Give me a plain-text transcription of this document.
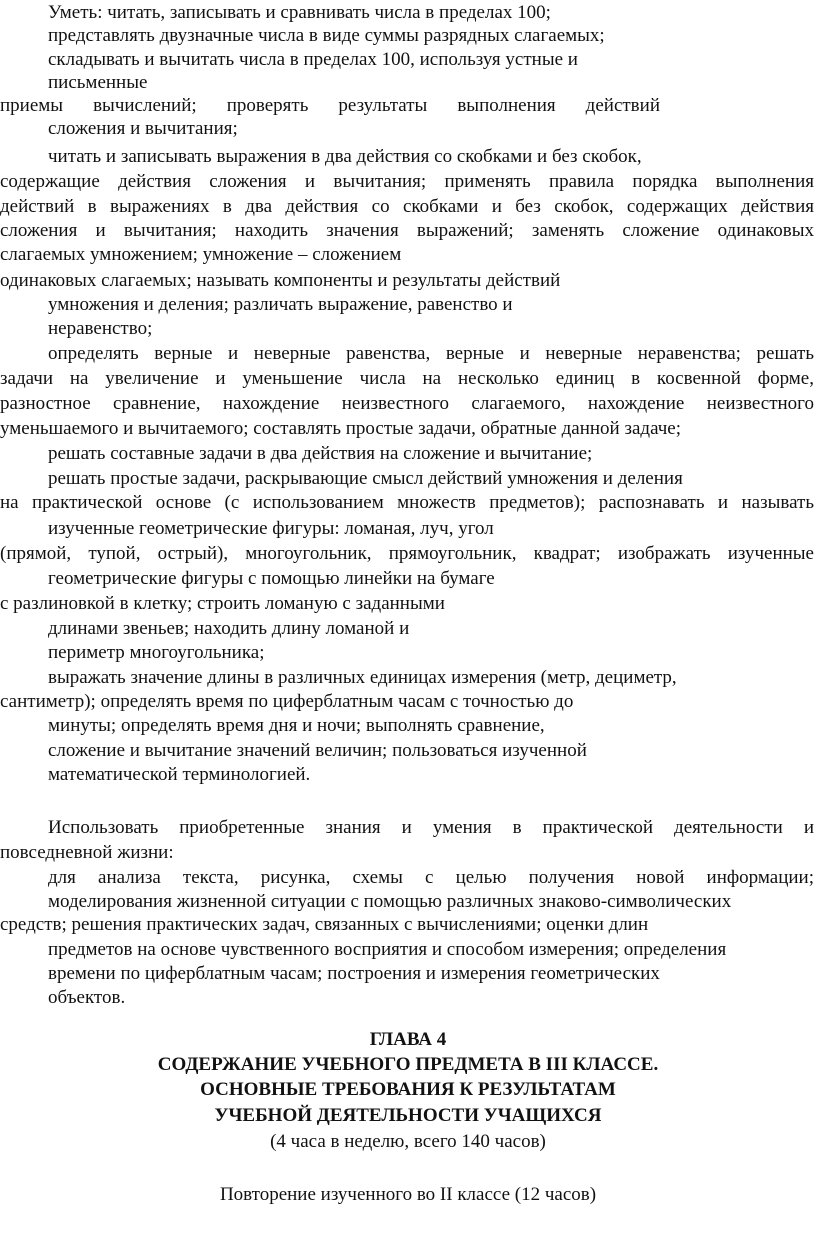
Уметь: читать, записывать и сравнивать числа в пределах 100;
представлять двузначные числа в виде суммы разрядных слагаемых;
складывать и вычитать числа в пределах 100, используя устные и
письменные
приемы вычислений; проверять результаты выполнения действий
сложения и вычитания;
читать и записывать выражения в два действия со скобками и без скобок,
содержащие действия сложения и вычитания; применять правила порядка выполнения
действий в выражениях в два действия со скобками и без скобок, содержащих действия
сложения и вычитания; находить значения выражений; заменять сложение одинаковых
слагаемых умножением; умножение – сложением
одинаковых слагаемых; называть компоненты и результаты действий
умножения и деления; различать выражение, равенство и
неравенство;
определять верные и неверные равенства, верные и неверные неравенства; решать
задачи на увеличение и уменьшение числа на несколько единиц в косвенной форме,
разностное сравнение, нахождение неизвестного слагаемого, нахождение неизвестного
уменьшаемого и вычитаемого; составлять простые задачи, обратные данной задаче;
решать составные задачи в два действия на сложение и вычитание;
решать простые задачи, раскрывающие смысл действий умножения и деления
на практической основе (с использованием множеств предметов); распознавать и называть
изученные геометрические фигуры: ломаная, луч, угол
(прямой, тупой, острый), многоугольник, прямоугольник, квадрат; изображать изученные
геометрические фигуры с помощью линейки на бумаге
с разлиновкой в клетку; строить ломаную с заданными
длинами звеньев; находить длину ломаной и
периметр многоугольника;
выражать значение длины в различных единицах измерения (метр, дециметр,
сантиметр); определять время по циферблатным часам с точностью до
минуты; определять время дня и ночи; выполнять сравнение,
сложение и вычитание значений величин; пользоваться изученной
математической терминологией.
Использовать приобретенные знания и умения в практической деятельности и
повседневной жизни:
для анализа текста, рисунка, схемы с целью получения новой информации;
моделирования жизненной ситуации с помощью различных знаково-символических
средств; решения практических задач, связанных с вычислениями; оценки длин
предметов на основе чувственного восприятия и способом измерения; определения
времени по циферблатным часам; построения и измерения геометрических
объектов.
ГЛАВА 4
СОДЕРЖАНИЕ УЧЕБНОГО ПРЕДМЕТА В III КЛАССЕ.
ОСНОВНЫЕ ТРЕБОВАНИЯ К РЕЗУЛЬТАТАМ
УЧЕБНОЙ ДЕЯТЕЛЬНОСТИ УЧАЩИХСЯ
(4 часа в неделю, всего 140 часов)
Повторение изученного во II классе (12 часов)
